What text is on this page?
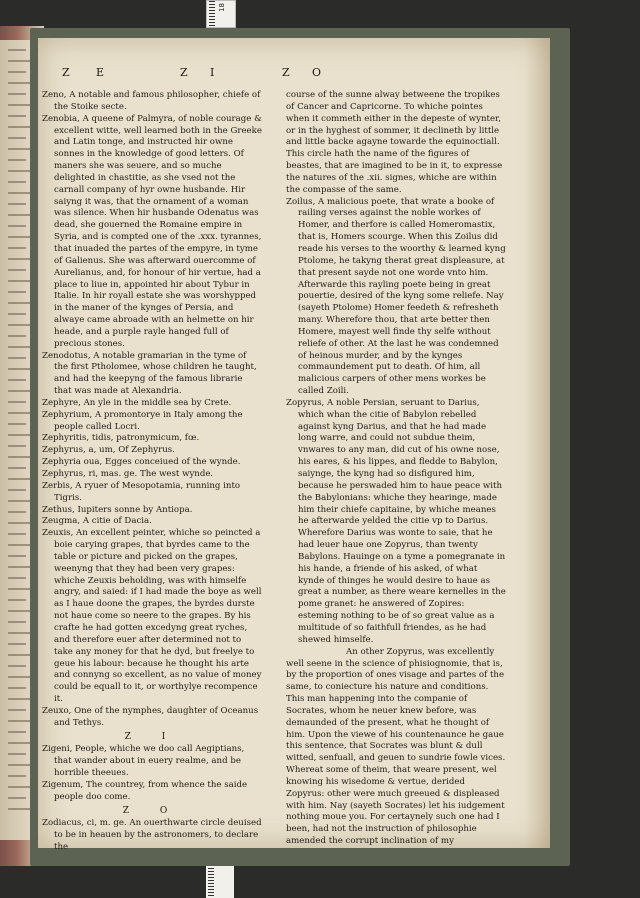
18
Z E	Z I	Z O

Zeno, A notable and famous philosopher, chiefe of the Stoike secte.

Zenobia, A queene of Palmyra, of noble courage & excellent witte, well learned both in the Greeke and Latin tonge, and instructed hir owne sonnes in the knowledge of good letters. Of maners she was seuere, and so muche delighted in chastitie, as she vsed not the carnall company of hyr owne husbande. Hir saiyng it was, that the ornament of a woman was silence. When hir husbande Odenatus was dead, she gouerned the Romaine empire in Syria, and is compted one of the .xxx. tyrannes, that inuaded the partes of the empyre, in tyme of Galienus. She was afterward ouercomme of Aurelianus, and, for honour of hir vertue, had a place to liue in, appointed hir about Tybur in Italie. In hir royall estate she was worshypped in the maner of the kynges of Persia, and alwaye came abroade with an helmette on hir heade, and a purple rayle hanged full of precious stones.

Zenodotus, A notable gramarian in the tyme of the first Ptholomee, whose children he taught, and had the keepyng of the famous librarie that was made at Alexandria.

Zephyre, An yle in the middle sea by Crete.

Zephyrium, A promontorye in Italy among the people called Locri.

Zephyritis, tidis, patronymicum, fœ.

Zephyrus, a, um, Of Zephyrus.

Zephyria oua, Egges conceiued of the wynde.

Zephyrus, ri, mas. ge. The west wynde.

Zerbis, A ryuer of Mesopotamia, running into Tigris.

Zethus, Iupiters sonne by Antiopa.

Zeugma, A citie of Dacia.

Zeuxis, An excellent peinter, whiche so peincted a boie carying grapes, that byrdes came to the table or picture and picked on the grapes, weenyng that they had been very grapes: whiche Zeuxis beholding, was with himselfe angry, and saied: if I had made the boye as well as I haue doone the grapes, the byrdes durste not haue come so neere to the grapes. By his crafte he had gotten excedyng great ryches, and therefore euer after determined not to take any money for that he dyd, but freelye to geue his labour: because he thought his arte and connyng so excellent, as no value of money could be equall to it, or worthylye recompence it.

Zeuxo, One of the nymphes, daughter of Oceanus and Tethys.

Z I

Zigeni, People, whiche we doo call Aegiptians, that wander about in euery realme, and be horrible theeues.

Zigenum, The countrey, from whence the saide people doo come.

Z O

Zodiacus, ci, m. ge. An ouerthwarte circle deuised to be in heauen by the astronomers, to declare the

course of the sunne alway betweene the tropikes of Cancer and Capricorne. To whiche pointes when it commeth either in the depeste of wynter, or in the hyghest of sommer, it declineth by little and little backe agayne towarde the equinoctiall. This circle hath the name of the figures of beastes, that are imagined to be in it, to expresse the natures of the .xii. signes, whiche are within the compasse of the same.

Zoilus, A malicious poete, that wrate a booke of railing verses against the noble workes of Homer, and therfore is called Homeromastix, that is, Homers scourge. When this Zoilus did reade his verses to the woorthy & learned kyng Ptolome, he takyng therat great displeasure, at that present sayde not one worde vnto him. Afterwarde this rayling poete being in great pouertie, desired of the kyng some reliefe. Nay (sayeth Ptolome) Homer feedeth & refresheth many. Wherefore thou, that arte better then Homere, mayest well finde thy selfe without reliefe of other. At the last he was condemned of heinous murder, and by the kynges commaundement put to death. Of him, all malicious carpers of other mens workes be called Zoili.

Zopyrus, A noble Persian, seruant to Darius, which whan the citie of Babylon rebelled against kyng Darius, and that he had made long warre, and could not subdue theim, vnwares to any man, did cut of his owne nose, his eares, & his lippes, and fledde to Babylon, saiynge, the kyng had so disfigured him, because he perswaded him to haue peace with the Babylonians: whiche they hearinge, made him their chiefe capitaine, by whiche meanes he afterwarde yelded the citie vp to Darius. Wherefore Darius was wonte to saie, that he had leuer haue one Zopyrus, than twenty Babylons. Hauinge on a tyme a pomegranate in his hande, a friende of his asked, of what kynde of thinges he would desire to haue as great a number, as there weare kernelles in the pome granet: he answered of Zopires: esteming nothing to be of so great value as a multitude of so faithfull friendes, as he had shewed himselfe.

An other Zopyrus, was excellently well seene in the science of phisiognomie, that is, by the proportion of ones visage and partes of the same, to coniecture his nature and conditions. This man happening into the companie of Socrates, whom he neuer knew before, was demaunded of the present, what he thought of him. Upon the viewe of his countenaunce he gaue this sentence, that Socrates was blunt & dull witted, senfuall, and geuen to sundrie fowle vices. Whereat some of theim, that weare present, wel knowing his wisedome & vertue, derided Zopyrus: other were much greeued & displeased with him. Nay (sayeth Socrates) let his iudgement nothing moue you. For certaynely such one had I been, had not the instruction of philosophie amended the corrupt inclination of my
